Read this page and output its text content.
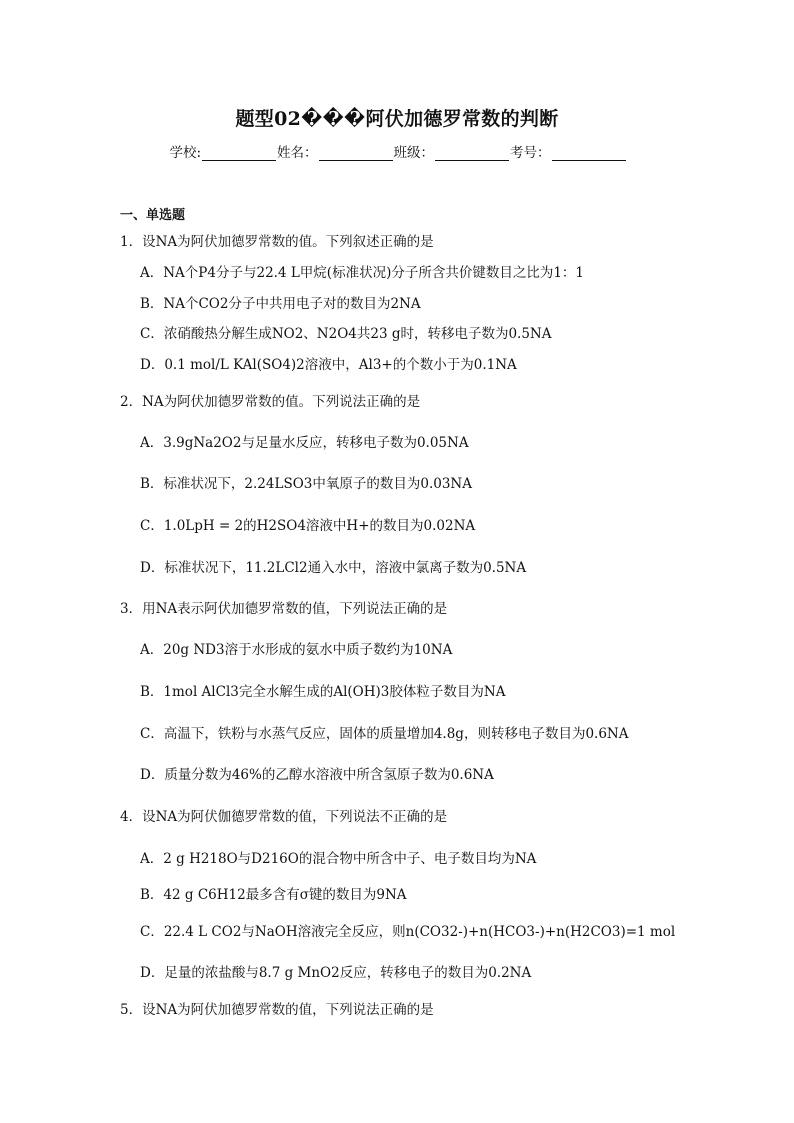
题型02���阿伏加德罗常数的判断
学校:	姓名：	班级：	考号：
一、单选题
1．设NA为阿伏加德罗常数的值。下列叙述正确的是
A．NA个P4分子与22.4 L甲烷(标准状况)分子所含共价键数目之比为1：1
B．NA个CO2分子中共用电子对的数目为2NA
C．浓硝酸热分解生成NO2、N2O4共23 g时，转移电子数为0.5NA
D．0.1 mol/L KAl(SO4)2溶液中，Al3+的个数小于为0.1NA
2．NA为阿伏加德罗常数的值。下列说法正确的是
A．3.9gNa2O2与足量水反应，转移电子数为0.05NA
B．标准状况下，2.24LSO3中氧原子的数目为0.03NA
C．1.0LpH = 2的H2SO4溶液中H+的数目为0.02NA
D．标准状况下，11.2LCl2通入水中，溶液中氯离子数为0.5NA
3．用NA表示阿伏加德罗常数的值，下列说法正确的是
A．20g ND3溶于水形成的氨水中质子数约为10NA
B．1mol AlCl3完全水解生成的Al(OH)3胶体粒子数目为NA
C．高温下，铁粉与水蒸气反应，固体的质量增加4.8g，则转移电子数目为0.6NA
D．质量分数为46%的乙醇水溶液中所含氢原子数为0.6NA
4．设NA为阿伏伽德罗常数的值，下列说法不正确的是
A．2 g H218O与D216O的混合物中所含中子、电子数目均为NA
B．42 g C6H12最多含有σ键的数目为9NA
C．22.4 L CO2与NaOH溶液完全反应，则n(CO32-)+n(HCO3-)+n(H2CO3)=1 mol
D．足量的浓盐酸与8.7 g MnO2反应，转移电子的数目为0.2NA
5．设NA为阿伏加德罗常数的值，下列说法正确的是
